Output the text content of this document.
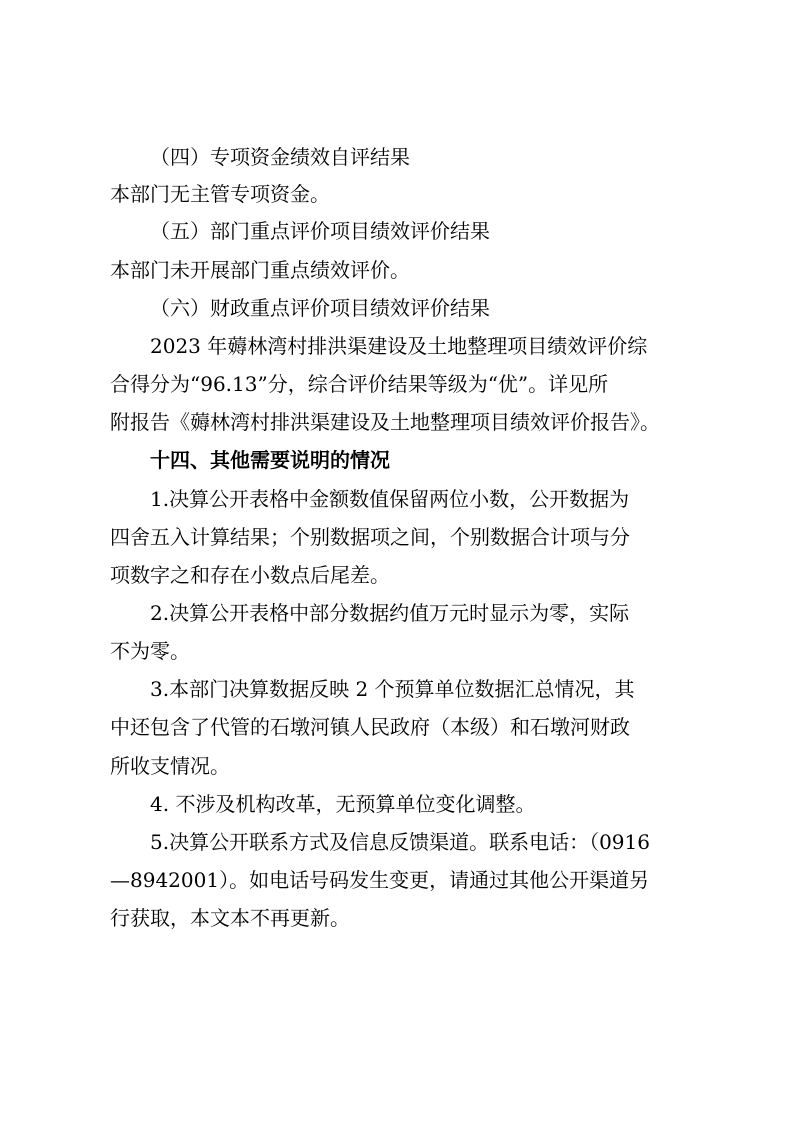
（四）专项资金绩效自评结果
本部门无主管专项资金。
（五）部门重点评价项目绩效评价结果
本部门未开展部门重点绩效评价。
（六）财政重点评价项目绩效评价结果
2023 年薅林湾村排洪渠建设及土地整理项目绩效评价综
合得分为“96.13”分，综合评价结果等级为“优”。详见所
附报告《薅林湾村排洪渠建设及土地整理项目绩效评价报告》。
十四、其他需要说明的情况
1.决算公开表格中金额数值保留两位小数，公开数据为
四舍五入计算结果；个别数据项之间，个别数据合计项与分
项数字之和存在小数点后尾差。
2.决算公开表格中部分数据约值万元时显示为零，实际
不为零。
3.本部门决算数据反映 2 个预算单位数据汇总情况，其
中还包含了代管的石墩河镇人民政府（本级）和石墩河财政
所收支情况。
4. 不涉及机构改革，无预算单位变化调整。
5.决算公开联系方式及信息反馈渠道。联系电话：（0916
—8942001）。如电话号码发生变更，请通过其他公开渠道另
行获取，本文本不再更新。
